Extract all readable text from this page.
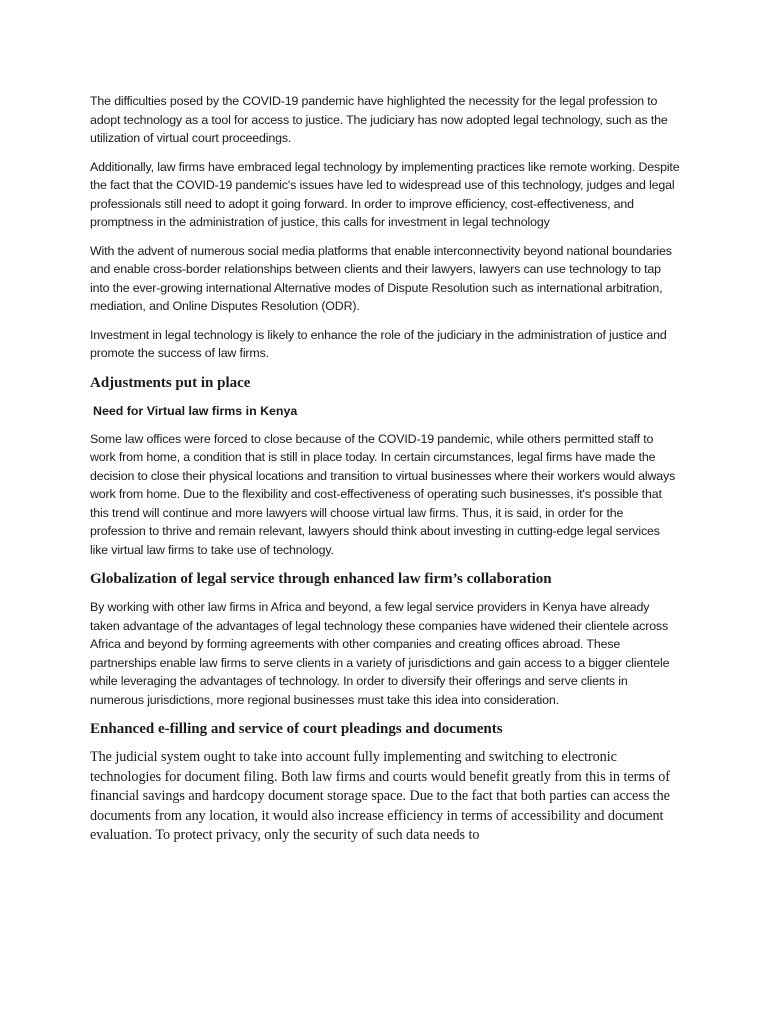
The difficulties posed by the COVID-19 pandemic have highlighted the necessity for the legal profession to adopt technology as a tool for access to justice. The judiciary has now adopted legal technology, such as the utilization of virtual court proceedings.

Additionally, law firms have embraced legal technology by implementing practices like remote working. Despite the fact that the COVID-19 pandemic's issues have led to widespread use of this technology, judges and legal professionals still need to adopt it going forward. In order to improve efficiency, cost-effectiveness, and promptness in the administration of justice, this calls for investment in legal technology

With the advent of numerous social media platforms that enable interconnectivity beyond national boundaries and enable cross-border relationships between clients and their lawyers, lawyers can use technology to tap into the ever-growing international Alternative modes of Dispute Resolution such as international arbitration, mediation, and Online Disputes Resolution (ODR).

Investment in legal technology is likely to enhance the role of the judiciary in the administration of justice and promote the success of law firms.

Adjustments put in place
Need for Virtual law firms in Kenya

Some law offices were forced to close because of the COVID-19 pandemic, while others permitted staff to work from home, a condition that is still in place today. In certain circumstances, legal firms have made the decision to close their physical locations and transition to virtual businesses where their workers would always work from home. Due to the flexibility and cost-effectiveness of operating such businesses, it's possible that this trend will continue and more lawyers will choose virtual law firms. Thus, it is said, in order for the profession to thrive and remain relevant, lawyers should think about investing in cutting-edge legal services like virtual law firms to take use of technology.

Globalization of legal service through enhanced law firm’s collaboration

By working with other law firms in Africa and beyond, a few legal service providers in Kenya have already taken advantage of the advantages of legal technology these companies have widened their clientele across Africa and beyond by forming agreements with other companies and creating offices abroad. These partnerships enable law firms to serve clients in a variety of jurisdictions and gain access to a bigger clientele while leveraging the advantages of technology. In order to diversify their offerings and serve clients in numerous jurisdictions, more regional businesses must take this idea into consideration.

Enhanced e-filling and service of court pleadings and documents

The judicial system ought to take into account fully implementing and switching to electronic technologies for document filing. Both law firms and courts would benefit greatly from this in terms of financial savings and hardcopy document storage space. Due to the fact that both parties can access the documents from any location, it would also increase efficiency in terms of accessibility and document evaluation. To protect privacy, only the security of such data needs to
